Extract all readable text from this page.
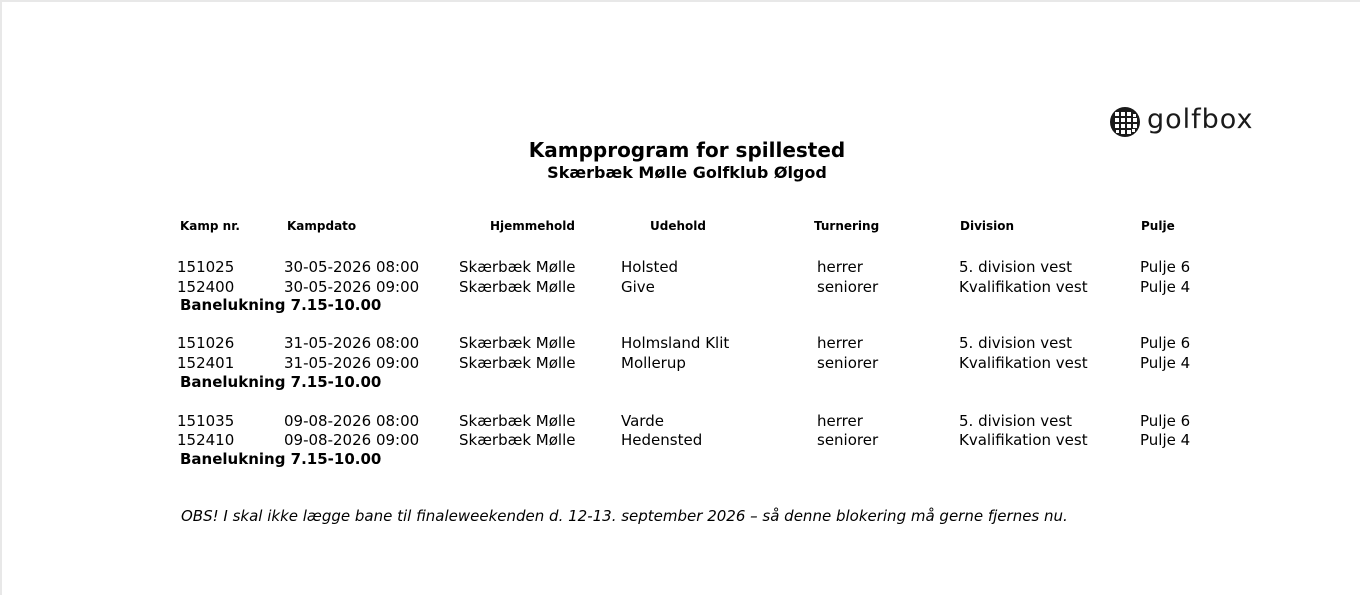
golfbox
Kampprogram for spillested
Skærbæk Mølle Golfklub Ølgod
Kamp nr.	Kampdato	Hjemmehold	Udehold	Turnering	Division	Pulje
151025	30-05-2026 08:00	Skærbæk Mølle	Holsted	herrer	5. division vest	Pulje 6
152400	30-05-2026 09:00	Skærbæk Mølle	Give	seniorer	Kvalifikation vest	Pulje 4
Banelukning 7.15-10.00
151026	31-05-2026 08:00	Skærbæk Mølle	Holmsland Klit	herrer	5. division vest	Pulje 6
152401	31-05-2026 09:00	Skærbæk Mølle	Mollerup	seniorer	Kvalifikation vest	Pulje 4
Banelukning 7.15-10.00
151035	09-08-2026 08:00	Skærbæk Mølle	Varde	herrer	5. division vest	Pulje 6
152410	09-08-2026 09:00	Skærbæk Mølle	Hedensted	seniorer	Kvalifikation vest	Pulje 4
Banelukning 7.15-10.00
OBS! I skal ikke lægge bane til finaleweekenden d. 12-13. september 2026 – så denne blokering må gerne fjernes nu.
